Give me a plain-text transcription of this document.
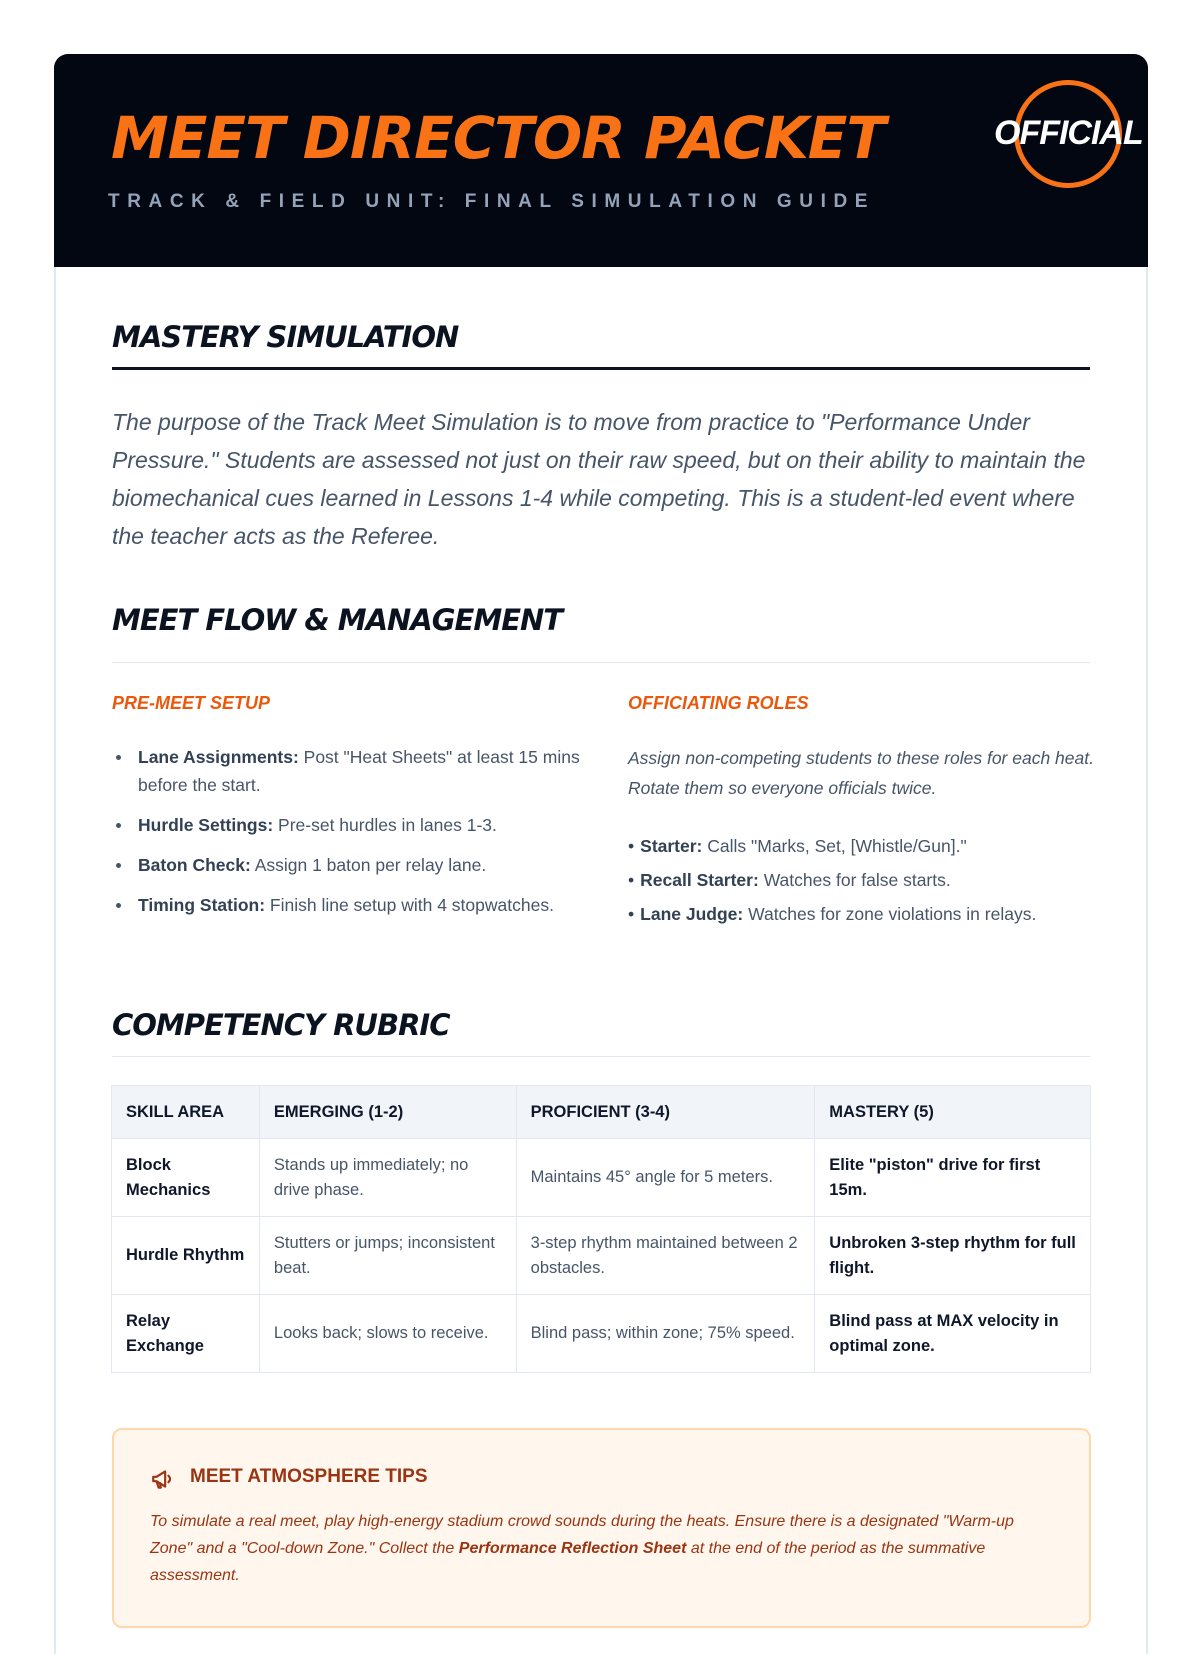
MEET DIRECTOR PACKET
TRACK & FIELD UNIT: FINAL SIMULATION GUIDE
OFFICIAL
MASTERY SIMULATION

The purpose of the Track Meet Simulation is to move from practice to "Performance Under Pressure." Students are assessed not just on their raw speed, but on their ability to maintain the biomechanical cues learned in Lessons 1-4 while competing. This is a student-led event where the teacher acts as the Referee.

MEET FLOW & MANAGEMENT
PRE-MEET SETUP
Lane Assignments: Post "Heat Sheets" at least 15 mins before the start.
Hurdle Settings: Pre-set hurdles in lanes 1-3.
Baton Check: Assign 1 baton per relay lane.
Timing Station: Finish line setup with 4 stopwatches.
OFFICIATING ROLES

Assign non-competing students to these roles for each heat. Rotate them so everyone officials twice.

• Starter: Calls "Marks, Set, [Whistle/Gun]."
• Recall Starter: Watches for false starts.
• Lane Judge: Watches for zone violations in relays.
COMPETENCY RUBRIC
SKILL AREA	EMERGING (1-2)	PROFICIENT (3-4)	MASTERY (5)
Block Mechanics	Stands up immediately; no drive phase.	Maintains 45° angle for 5 meters.	Elite "piston" drive for first 15m.
Hurdle Rhythm	Stutters or jumps; inconsistent beat.	3-step rhythm maintained between 2 obstacles.	Unbroken 3-step rhythm for full flight.
Relay Exchange	Looks back; slows to receive.	Blind pass; within zone; 75% speed.	Blind pass at MAX velocity in optimal zone.
MEET ATMOSPHERE TIPS

To simulate a real meet, play high-energy stadium crowd sounds during the heats. Ensure there is a designated "Warm-up Zone" and a "Cool-down Zone." Collect the Performance Reflection Sheet at the end of the period as the summative assessment.
